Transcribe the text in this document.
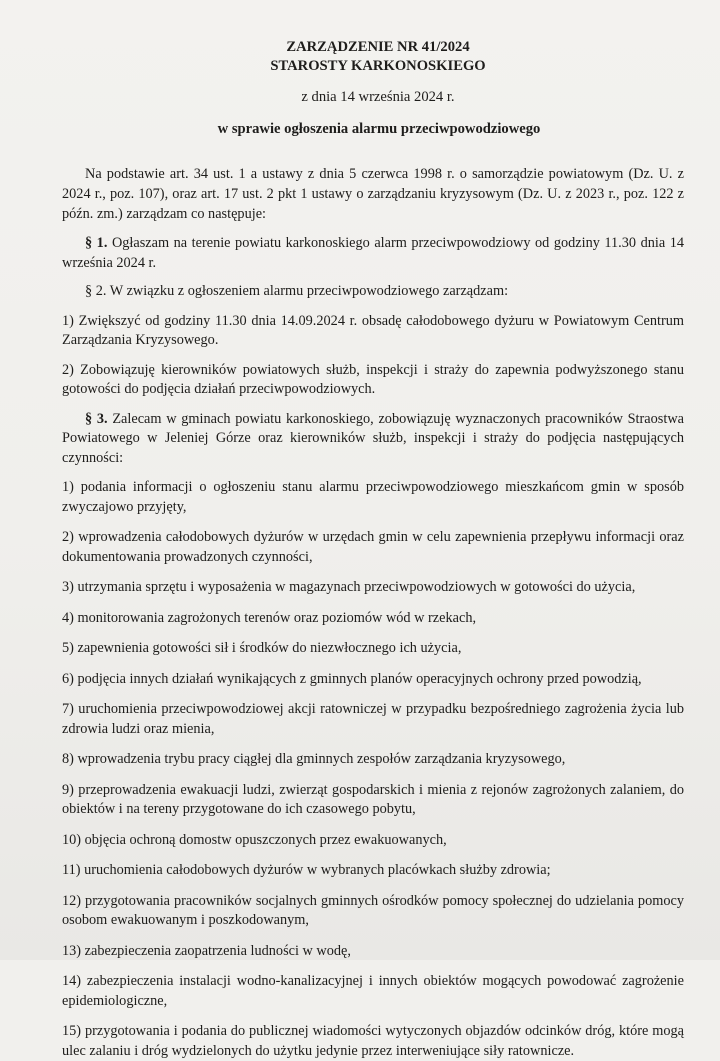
ZARZĄDZENIE NR 41/2024
STAROSTY KARKONOSKIEGO
z dnia 14 września 2024 r.
w sprawie ogłoszenia alarmu przeciwpowodziowego

Na podstawie art. 34 ust. 1 a ustawy z dnia 5 czerwca 1998 r. o samorządzie powiatowym (Dz. U. z 2024 r., poz. 107), oraz art. 17 ust. 2 pkt 1 ustawy o zarządzaniu kryzysowym (Dz. U. z 2023 r., poz. 122 z późn. zm.) zarządzam co następuje:

§ 1. Ogłaszam na terenie powiatu karkonoskiego alarm przeciwpowodziowy od godziny 11.30 dnia 14 września 2024 r.

§ 2. W związku z ogłoszeniem alarmu przeciwpowodziowego zarządzam:

1) Zwiększyć od godziny 11.30 dnia 14.09.2024 r. obsadę całodobowego dyżuru w Powiatowym Centrum Zarządzania Kryzysowego.

2) Zobowiązuję kierowników powiatowych służb, inspekcji i straży do zapewnia podwyższonego stanu gotowości do podjęcia działań przeciwpowodziowych.

§ 3. Zalecam w gminach powiatu karkonoskiego, zobowiązuję wyznaczonych pracowników Straostwa Powiatowego w Jeleniej Górze oraz kierowników służb, inspekcji i straży do podjęcia następujących czynności:

1) podania informacji o ogłoszeniu stanu alarmu przeciwpowodziowego mieszkańcom gmin w sposób zwyczajowo przyjęty,

2) wprowadzenia całodobowych dyżurów w urzędach gmin w celu zapewnienia przepływu informacji oraz dokumentowania prowadzonych czynności,

3) utrzymania sprzętu i wyposażenia w magazynach przeciwpowodziowych w gotowości do użycia,

4) monitorowania zagrożonych terenów oraz poziomów wód w rzekach,

5) zapewnienia gotowości sił i środków do niezwłocznego ich użycia,

6) podjęcia innych działań wynikających z gminnych planów operacyjnych ochrony przed powodzią,

7) uruchomienia przeciwpowodziowej akcji ratowniczej w przypadku bezpośredniego zagrożenia życia lub zdrowia ludzi oraz mienia,

8) wprowadzenia trybu pracy ciągłej dla gminnych zespołów zarządzania kryzysowego,

9) przeprowadzenia ewakuacji ludzi, zwierząt gospodarskich i mienia z rejonów zagrożonych zalaniem, do obiektów i na tereny przygotowane do ich czasowego pobytu,

10) objęcia ochroną domostw opuszczonych przez ewakuowanych,

11) uruchomienia całodobowych dyżurów w wybranych placówkach służby zdrowia;

12) przygotowania pracowników socjalnych gminnych ośrodków pomocy społecznej do udzielania pomocy osobom ewakuowanym i poszkodowanym,

13) zabezpieczenia zaopatrzenia ludności w wodę,

14) zabezpieczenia instalacji wodno-kanalizacyjnej i innych obiektów mogących powodować zagrożenie epidemiologiczne,

15) przygotowania i podania do publicznej wiadomości wytyczonych objazdów odcinków dróg, które mogą ulec zalaniu i dróg wydzielonych do użytku jedynie przez interweniujące siły ratownicze.
